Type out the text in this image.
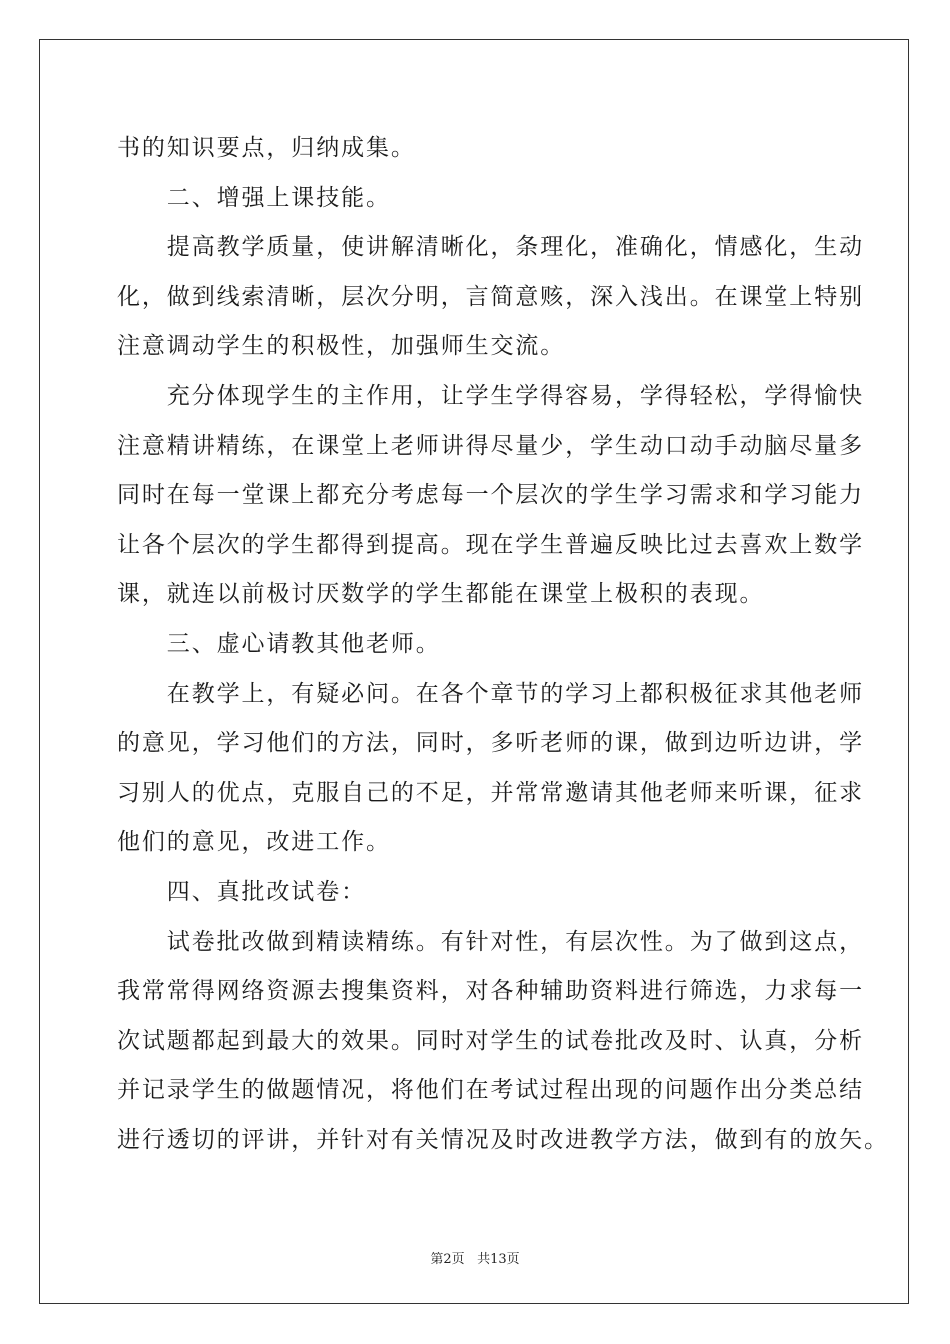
书的知识要点，归纳成集。
　　二、增强上课技能。
　　提高教学质量，使讲解清晰化，条理化，准确化，情感化，生动
化，做到线索清晰，层次分明，言简意赅，深入浅出。在课堂上特别
注意调动学生的积极性，加强师生交流。
　　充分体现学生的主作用，让学生学得容易，学得轻松，学得愉快
注意精讲精练，在课堂上老师讲得尽量少，学生动口动手动脑尽量多
同时在每一堂课上都充分考虑每一个层次的学生学习需求和学习能力
让各个层次的学生都得到提高。现在学生普遍反映比过去喜欢上数学
课，就连以前极讨厌数学的学生都能在课堂上极积的表现。
　　三、虚心请教其他老师。
　　在教学上，有疑必问。在各个章节的学习上都积极征求其他老师
的意见，学习他们的方法，同时，多听老师的课，做到边听边讲，学
习别人的优点，克服自己的不足，并常常邀请其他老师来听课，征求
他们的意见，改进工作。
　　四、真批改试卷：
　　试卷批改做到精读精练。有针对性，有层次性。为了做到这点，
我常常得网络资源去搜集资料，对各种辅助资料进行筛选，力求每一
次试题都起到最大的效果。同时对学生的试卷批改及时、认真，分析
并记录学生的做题情况，将他们在考试过程出现的问题作出分类总结
进行透切的评讲，并针对有关情况及时改进教学方法，做到有的放矢。
第2页 共13页
